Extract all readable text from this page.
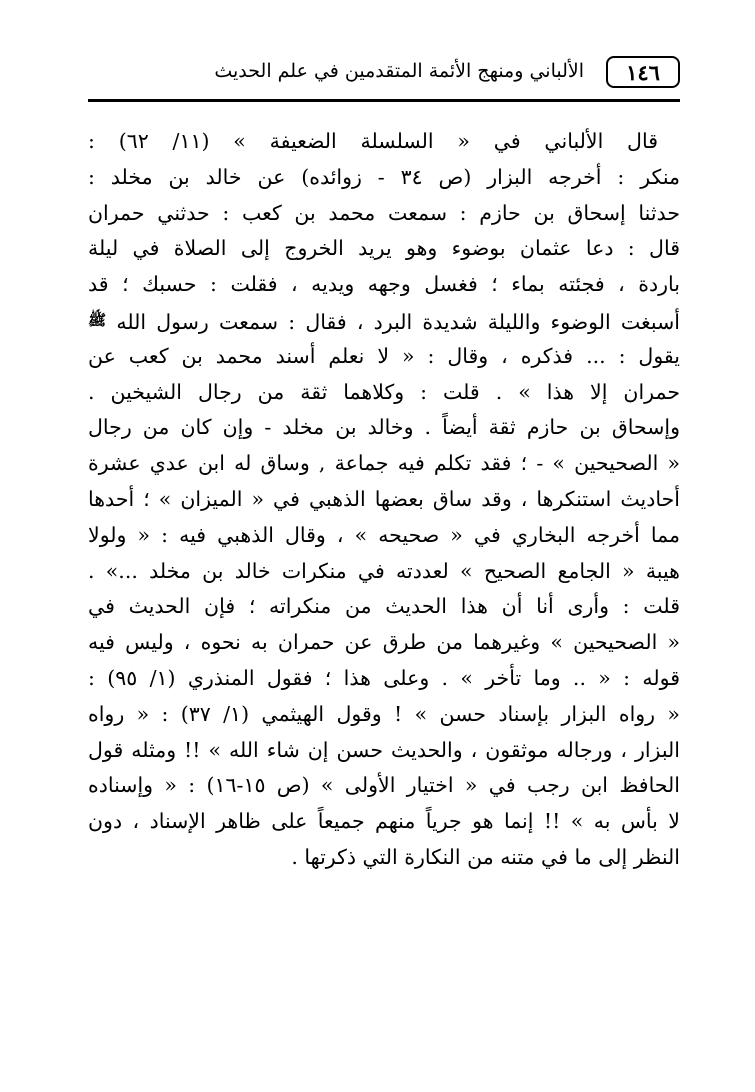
١٤٦
الألباني ومنهج الأئمة المتقدمين في علم الحديث
قال الألباني في « السلسلة الضعيفة » (١١/ ٦٢) :
منكر : أخرجه البزار (ص ٣٤ - زوائده) عن خالد بن مخلد :
حدثنا إسحاق بن حازم : سمعت محمد بن كعب : حدثني حمران
قال : دعا عثمان بوضوء وهو يريد الخروج إلى الصلاة في ليلة
باردة ، فجئته بماء ؛ فغسل وجهه ويديه ، فقلت : حسبك ؛ قد
أسبغت الوضوء والليلة شديدة البرد ، فقال : سمعت رسول الله ﷺ
يقول : ... فذكره ، وقال : « لا نعلم أسند محمد بن كعب عن
حمران إلا هذا » . قلت : وكلاهما ثقة من رجال الشيخين .
وإسحاق بن حازم ثقة أيضاً . وخالد بن مخلد - وإن كان من رجال
« الصحيحين » - ؛ فقد تكلم فيه جماعة , وساق له ابن عدي عشرة
أحاديث استنكرها ، وقد ساق بعضها الذهبي في « الميزان » ؛ أحدها
مما أخرجه البخاري في « صحيحه » ، وقال الذهبي فيه : « ولولا
هيبة « الجامع الصحيح » لعددته في منكرات خالد بن مخلد ...» .
قلت : وأرى أنا أن هذا الحديث من منكراته ؛ فإن الحديث في
« الصحيحين » وغيرهما من طرق عن حمران به نحوه ، وليس فيه
قوله : « .. وما تأخر » . وعلى هذا ؛ فقول المنذري (١/ ٩٥) :
« رواه البزار بإسناد حسن » ! وقول الهيثمي (١/ ٣٧) : « رواه
البزار ، ورجاله موثقون ، والحديث حسن إن شاء الله » !! ومثله قول
الحافظ ابن رجب في « اختيار الأولى » (ص ١٥-١٦) : « وإسناده
لا بأس به » !! إنما هو جرياً منهم جميعاً على ظاهر الإسناد ، دون
النظر إلى ما في متنه من النكارة التي ذكرتها .
